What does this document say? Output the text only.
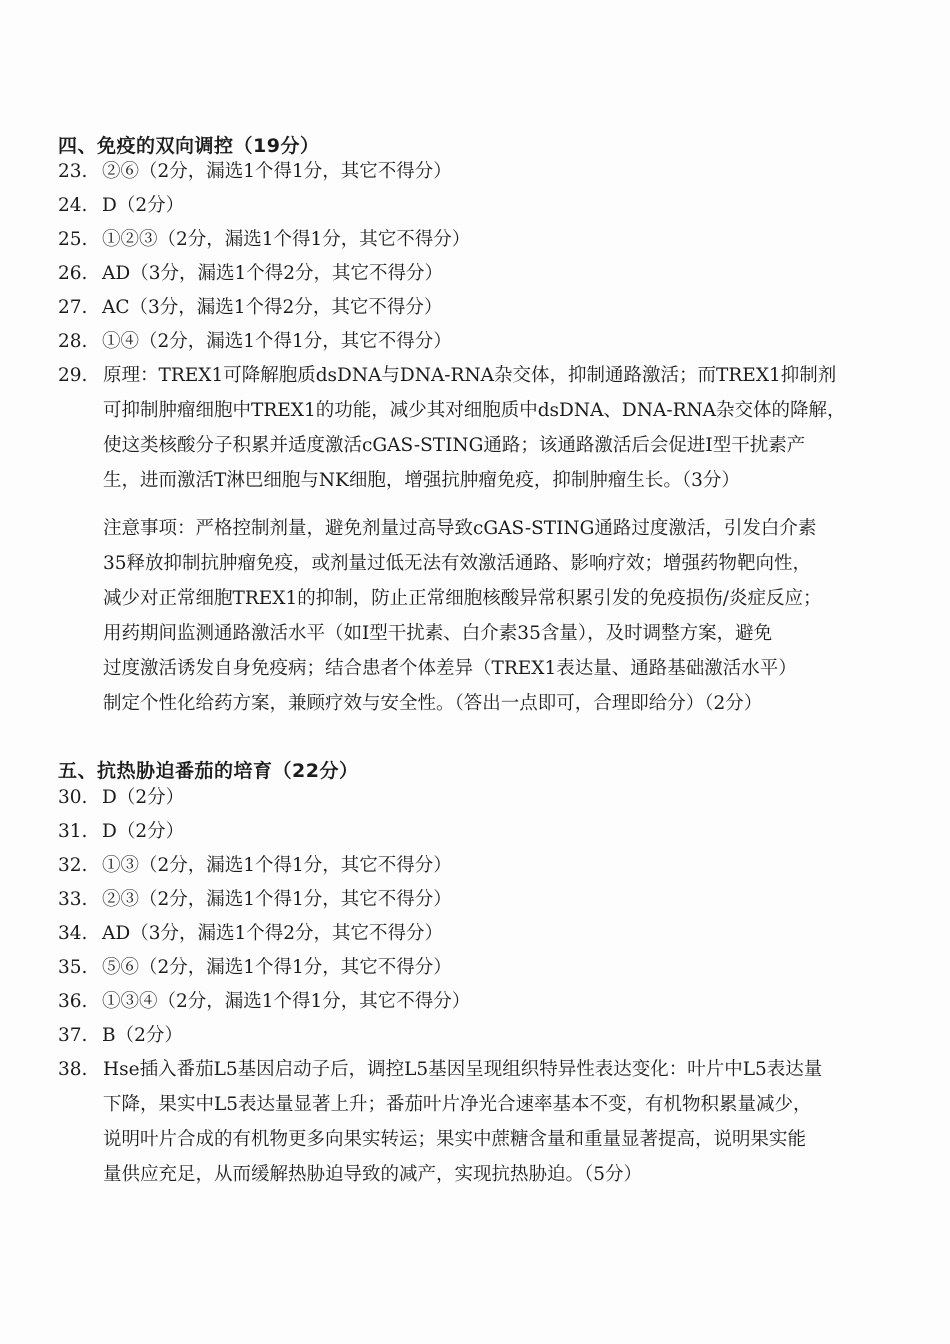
四、免疫的双向调控（19分）
23. ②⑥（2分，漏选1个得1分，其它不得分）
24. D（2分）
25. ①②③（2分，漏选1个得1分，其它不得分）
26. AD（3分，漏选1个得2分，其它不得分）
27. AC（3分，漏选1个得2分，其它不得分）
28. ①④（2分，漏选1个得1分，其它不得分）
29. 原理：TREX1可降解胞质dsDNA与DNA-RNA杂交体，抑制通路激活；而TREX1抑制剂
可抑制肿瘤细胞中TREX1的功能，减少其对细胞质中dsDNA、DNA-RNA杂交体的降解，
使这类核酸分子积累并适度激活cGAS-STING通路；该通路激活后会促进Ⅰ型干扰素产
生，进而激活T淋巴细胞与NK细胞，增强抗肿瘤免疫，抑制肿瘤生长。（3分）
注意事项：严格控制剂量，避免剂量过高导致cGAS-STING通路过度激活，引发白介素
35释放抑制抗肿瘤免疫，或剂量过低无法有效激活通路、影响疗效；增强药物靶向性，
减少对正常细胞TREX1的抑制，防止正常细胞核酸异常积累引发的免疫损伤/炎症反应；
用药期间监测通路激活水平（如Ⅰ型干扰素、白介素35含量），及时调整方案，避免
过度激活诱发自身免疫病；结合患者个体差异（TREX1表达量、通路基础激活水平）
制定个性化给药方案，兼顾疗效与安全性。（答出一点即可，合理即给分）（2分）
五、抗热胁迫番茄的培育（22分）
30. D（2分）
31. D（2分）
32. ①③（2分，漏选1个得1分，其它不得分）
33. ②③（2分，漏选1个得1分，其它不得分）
34. AD（3分，漏选1个得2分，其它不得分）
35. ⑤⑥（2分，漏选1个得1分，其它不得分）
36. ①③④（2分，漏选1个得1分，其它不得分）
37. B（2分）
38. Hse插入番茄L5基因启动子后，调控L5基因呈现组织特异性表达变化：叶片中L5表达量
下降，果实中L5表达量显著上升；番茄叶片净光合速率基本不变，有机物积累量减少，
说明叶片合成的有机物更多向果实转运；果实中蔗糖含量和重量显著提高，说明果实能
量供应充足，从而缓解热胁迫导致的减产，实现抗热胁迫。（5分）
